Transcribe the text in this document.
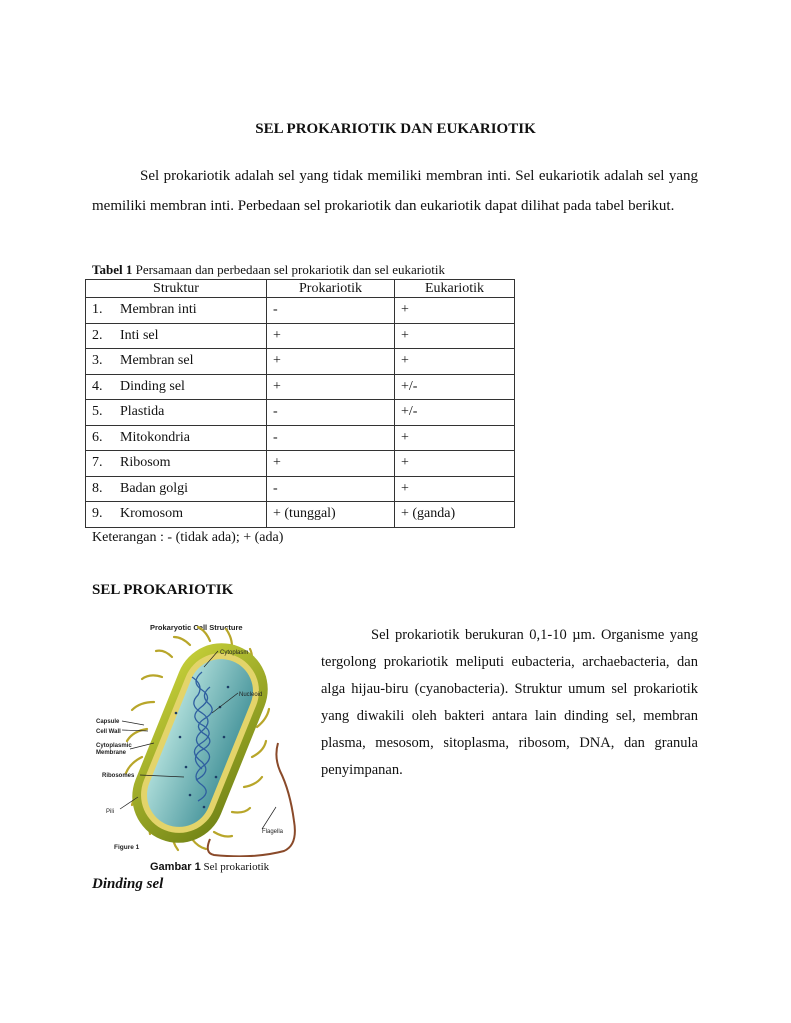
SEL PROKARIOTIK DAN EUKARIOTIK

Sel prokariotik adalah sel yang tidak memiliki membran inti. Sel eukariotik adalah sel yang memiliki membran inti. Perbedaan sel prokariotik dan eukariotik dapat dilihat pada tabel berikut.

Tabel 1 Persamaan dan perbedaan sel prokariotik dan sel eukariotik
Struktur	Prokariotik	Eukariotik
1. Membran inti	-	+
2. Inti sel	+	+
3. Membran sel	+	+
4. Dinding sel	+	+/-
5. Plastida	-	+/-
6. Mitokondria	-	+
7. Ribosom	+	+
8. Badan golgi	-	+
9. Kromosom	+ (tunggal)	+ (ganda)
Keterangan : - (tidak ada); + (ada)
SEL PROKARIOTIK
Prokaryotic Cell Structure
Cytoplasm
Nucleoid
Capsule
Cell Wall
Cytoplasmic
Membrane
Ribosomes
Pili
Flagella
Figure 1
Gambar 1 Sel prokariotik

Sel prokariotik berukuran 0,1-10 µm. Organisme yang tergolong prokariotik meliputi eubacteria, archaebacteria, dan alga hijau-biru (cyanobacteria). Struktur umum sel prokariotik yang diwakili oleh bakteri antara lain dinding sel, membran plasma, mesosom, sitoplasma, ribosom, DNA, dan granula penyimpanan.

Dinding sel
